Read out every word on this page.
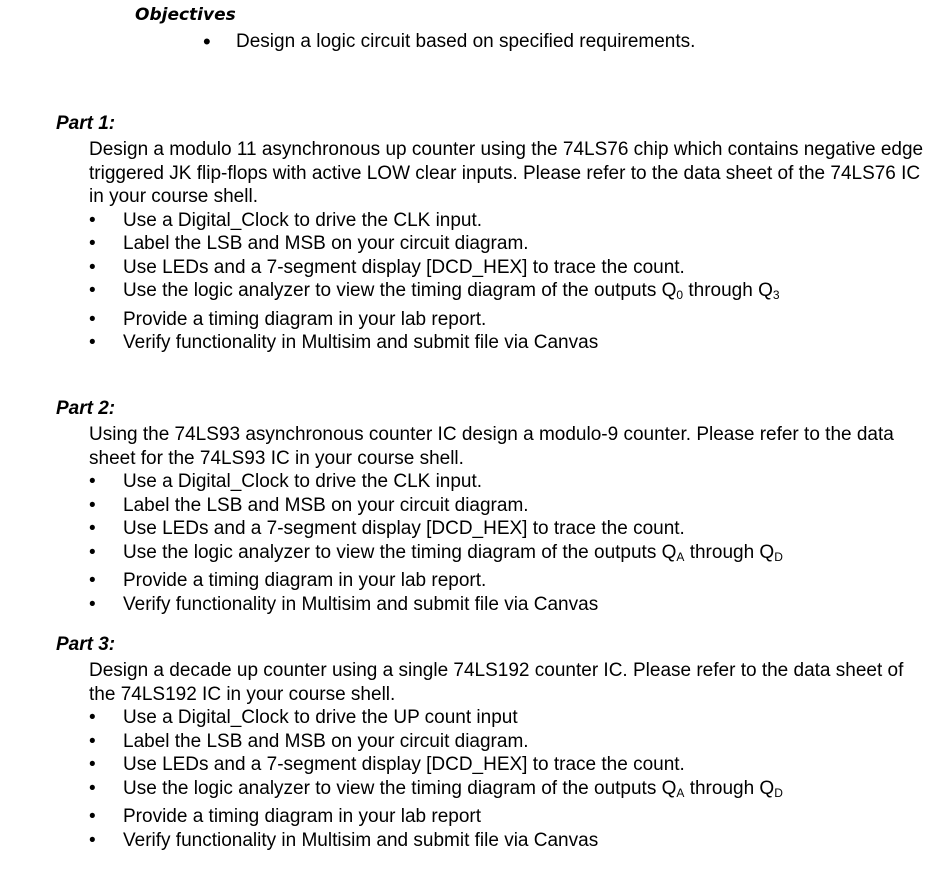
Objectives
•	Design a logic circuit based on specified requirements.
Part 1:
Design a modulo 11 asynchronous up counter using the 74LS76 chip which contains negative edge triggered JK flip-flops with active LOW clear inputs. Please refer to the data sheet of the 74LS76 IC in your course shell.
•	Use a Digital_Clock to drive the CLK input.
•	Label the LSB and MSB on your circuit diagram.
•	Use LEDs and a 7-segment display [DCD_HEX] to trace the count.
•	Use the logic analyzer to view the timing diagram of the outputs $Q_0$ through $Q_3$
•	Provide a timing diagram in your lab report.
•	Verify functionality in Multisim and submit file via Canvas
Part 2:
Using the 74LS93 asynchronous counter IC design a modulo-9 counter. Please refer to the data sheet for the 74LS93 IC in your course shell.
•	Use a Digital_Clock to drive the CLK input.
•	Label the LSB and MSB on your circuit diagram.
•	Use LEDs and a 7-segment display [DCD_HEX] to trace the count.
•	Use the logic analyzer to view the timing diagram of the outputs $Q_A$ through $Q_D$
•	Provide a timing diagram in your lab report.
•	Verify functionality in Multisim and submit file via Canvas
Part 3:
Design a decade up counter using a single 74LS192 counter IC. Please refer to the data sheet of the 74LS192 IC in your course shell.
•	Use a Digital_Clock to drive the UP count input
•	Label the LSB and MSB on your circuit diagram.
•	Use LEDs and a 7-segment display [DCD_HEX] to trace the count.
•	Use the logic analyzer to view the timing diagram of the outputs $Q_A$ through $Q_D$
•	Provide a timing diagram in your lab report
•	Verify functionality in Multisim and submit file via Canvas
